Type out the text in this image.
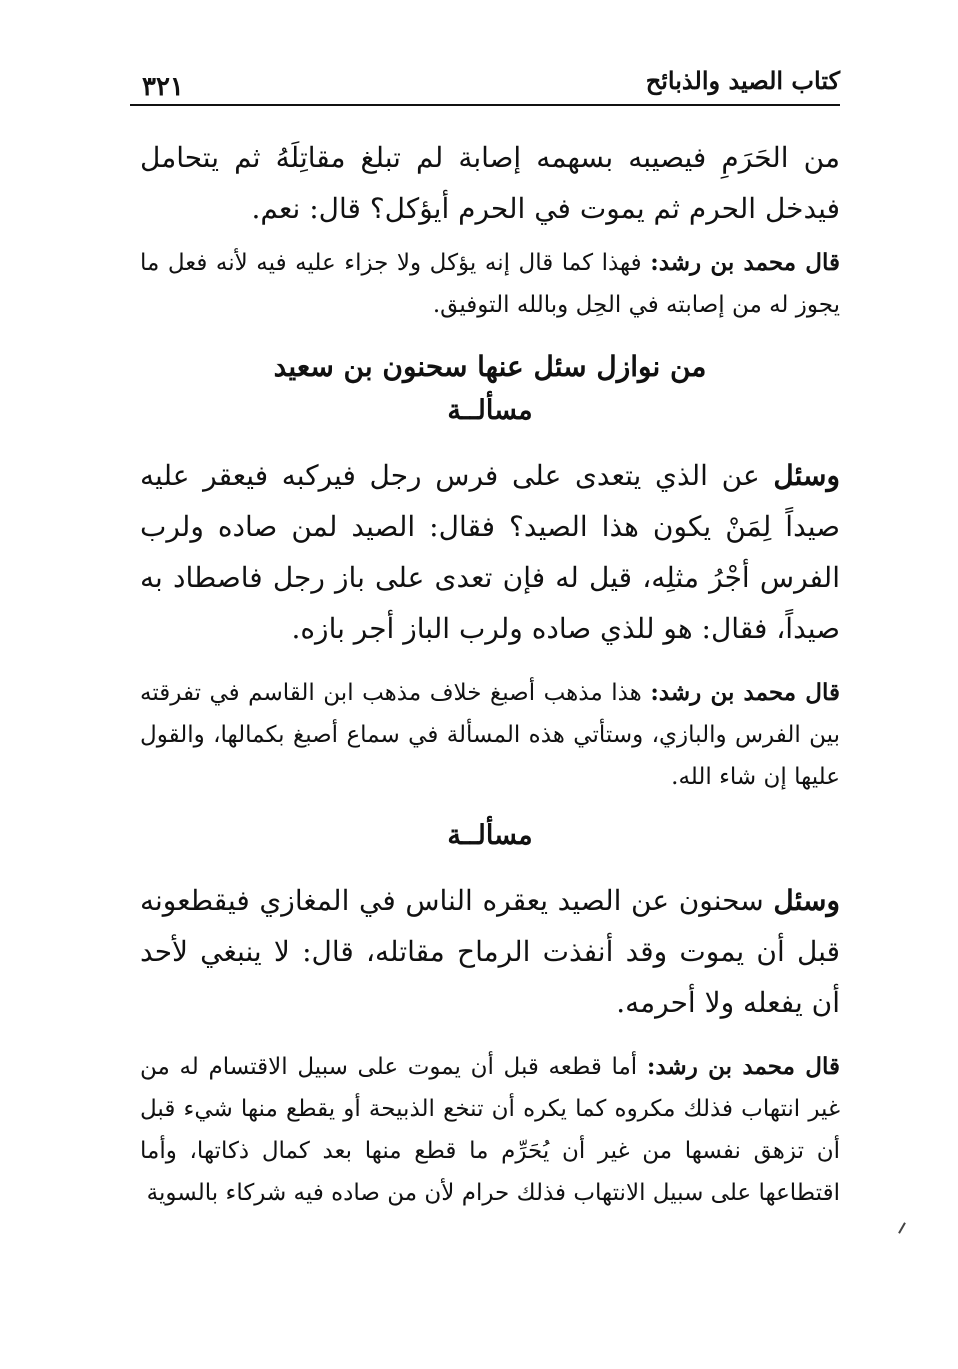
كتاب الصيد والذبائح
٣٢١

من الحَرَمِ فيصيبه بسهمه إصابة لم تبلغ مقاتِلَهُ ثم يتحامل فيدخل الحرم ثم يموت في الحرم أيؤكل؟ قال: نعم.

قال محمد بن رشد: فهذا كما قال إنه يؤكل ولا جزاء عليه فيه لأنه فعل ما يجوز له من إصابته في الحِل وبالله التوفيق.

من نوازل سئل عنها سحنون بن سعيد
مسألــة

وسئل عن الذي يتعدى على فرس رجل فيركبه فيعقر عليه صيداً لِمَنْ يكون هذا الصيد؟ فقال: الصيد لمن صاده ولرب الفرس أجْرُ مثلِه، قيل له فإن تعدى على باز رجل فاصطاد به صيداً، فقال: هو للذي صاده ولرب الباز أجر بازه.

قال محمد بن رشد: هذا مذهب أصبغ خلاف مذهب ابن القاسم في تفرقته بين الفرس والبازي، وستأتي هذه المسألة في سماع أصبغ بكمالها، والقول عليها إن شاء الله.

مسألــة

وسئل سحنون عن الصيد يعقره الناس في المغازي فيقطعونه قبل أن يموت وقد أنفذت الرماح مقاتله، قال: لا ينبغي لأحد أن يفعله ولا أحرمه.

قال محمد بن رشد: أما قطعه قبل أن يموت على سبيل الاقتسام له من غير انتهاب فذلك مكروه كما يكره أن تنخع الذبيحة أو يقطع منها شيء قبل أن تزهق نفسها من غير أن يُحَرِّم ما قطع منها بعد كمال ذكاتها، وأما اقتطاعها على سبيل الانتهاب فذلك حرام لأن من صاده فيه شركاء بالسوية
